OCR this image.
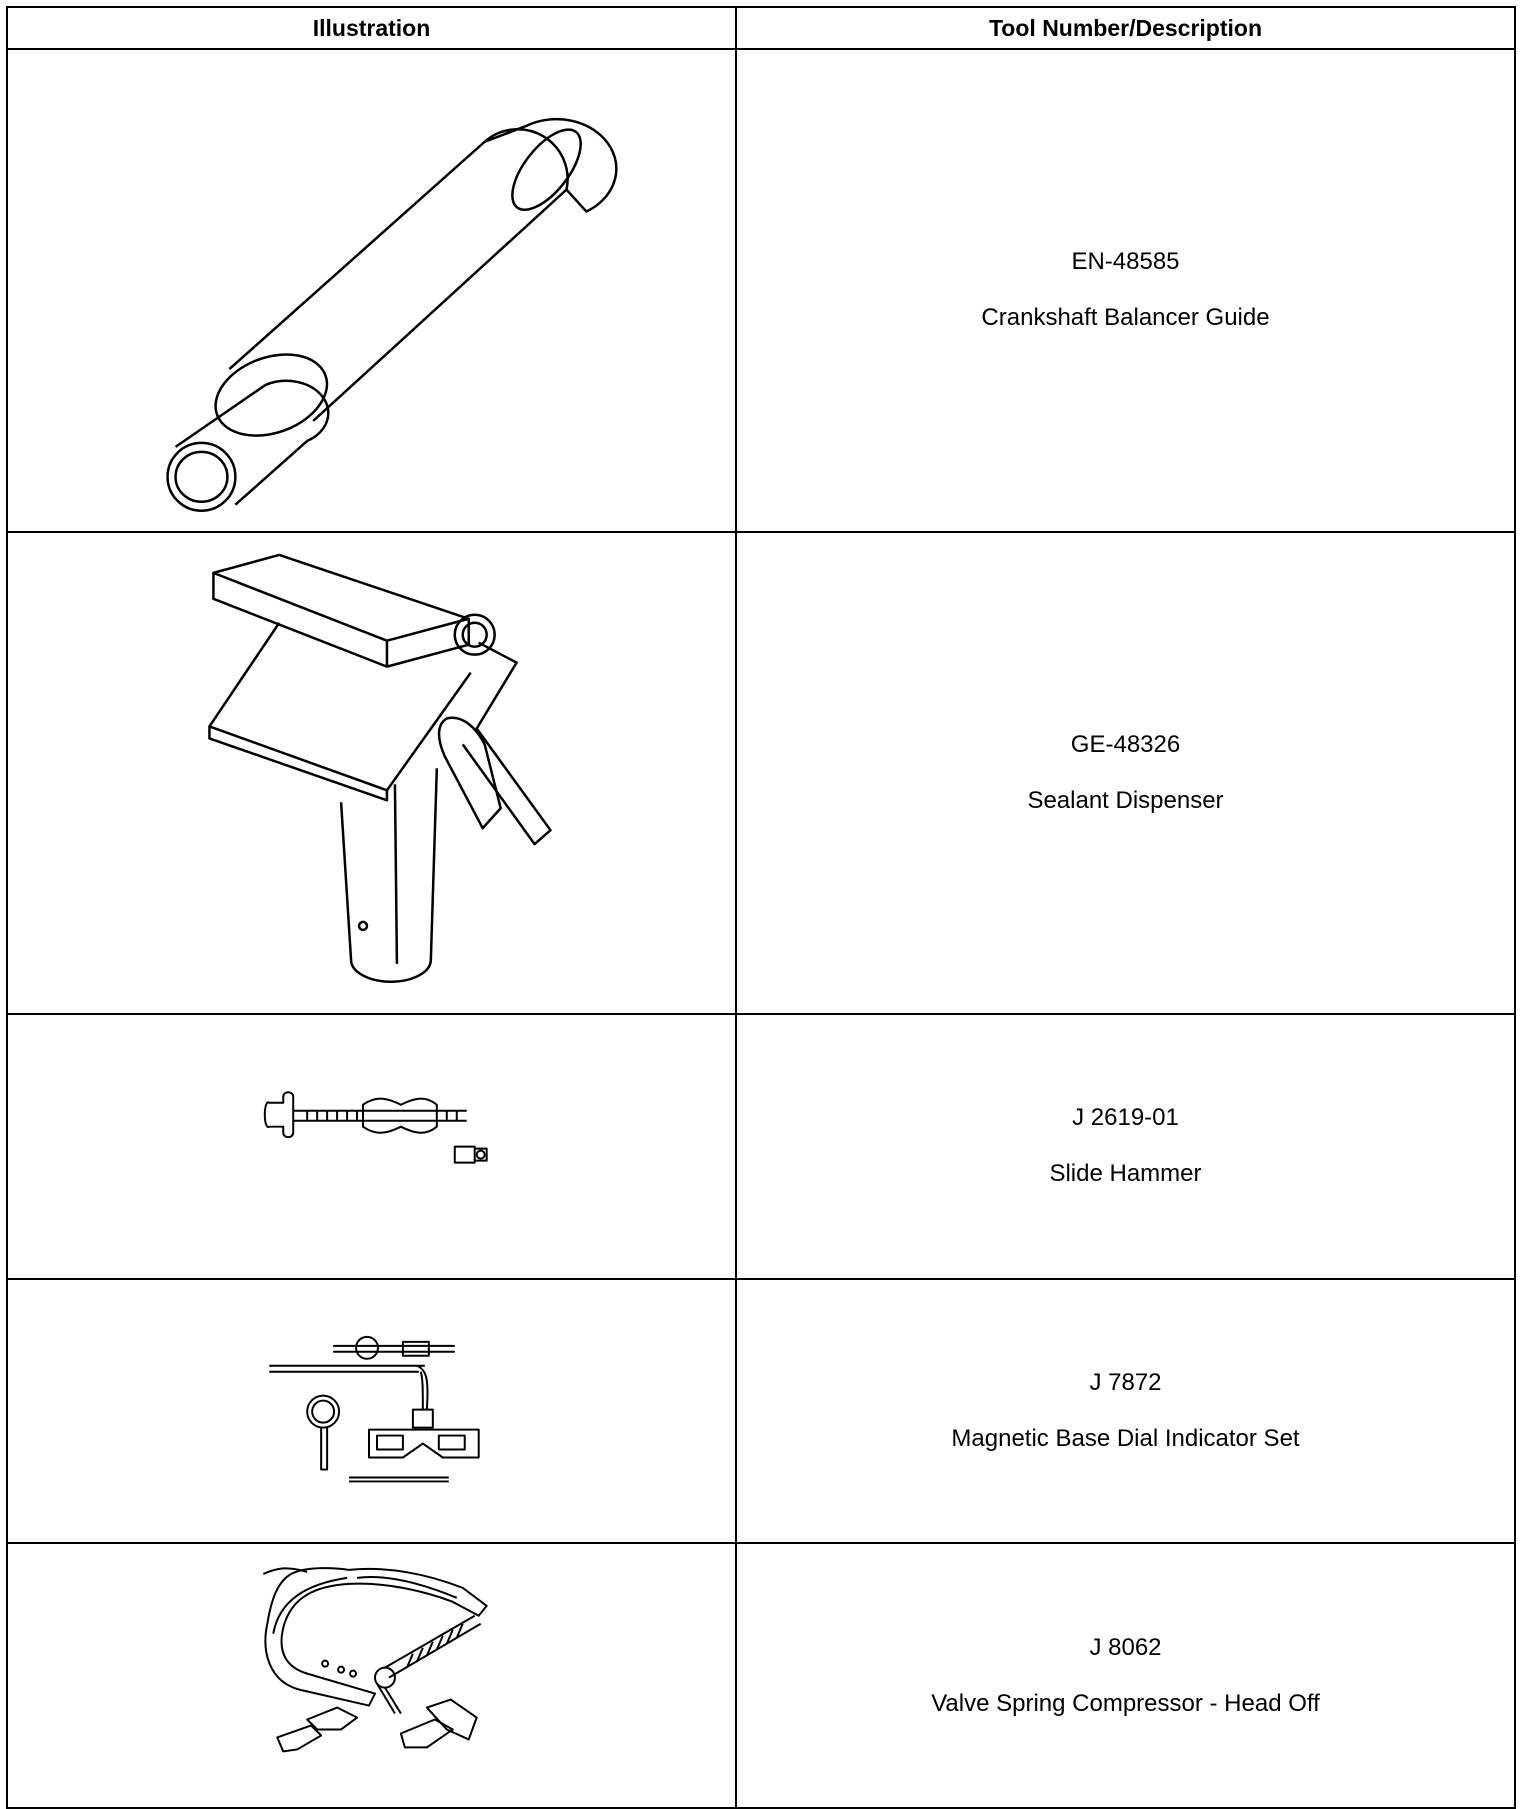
Illustration	Tool Number/Description

EN-48585
Crankshaft Balancer Guide

GE-48326
Sealant Dispenser

J 2619-01
Slide Hammer

J 7872
Magnetic Base Dial Indicator Set

J 8062
Valve Spring Compressor - Head Off
